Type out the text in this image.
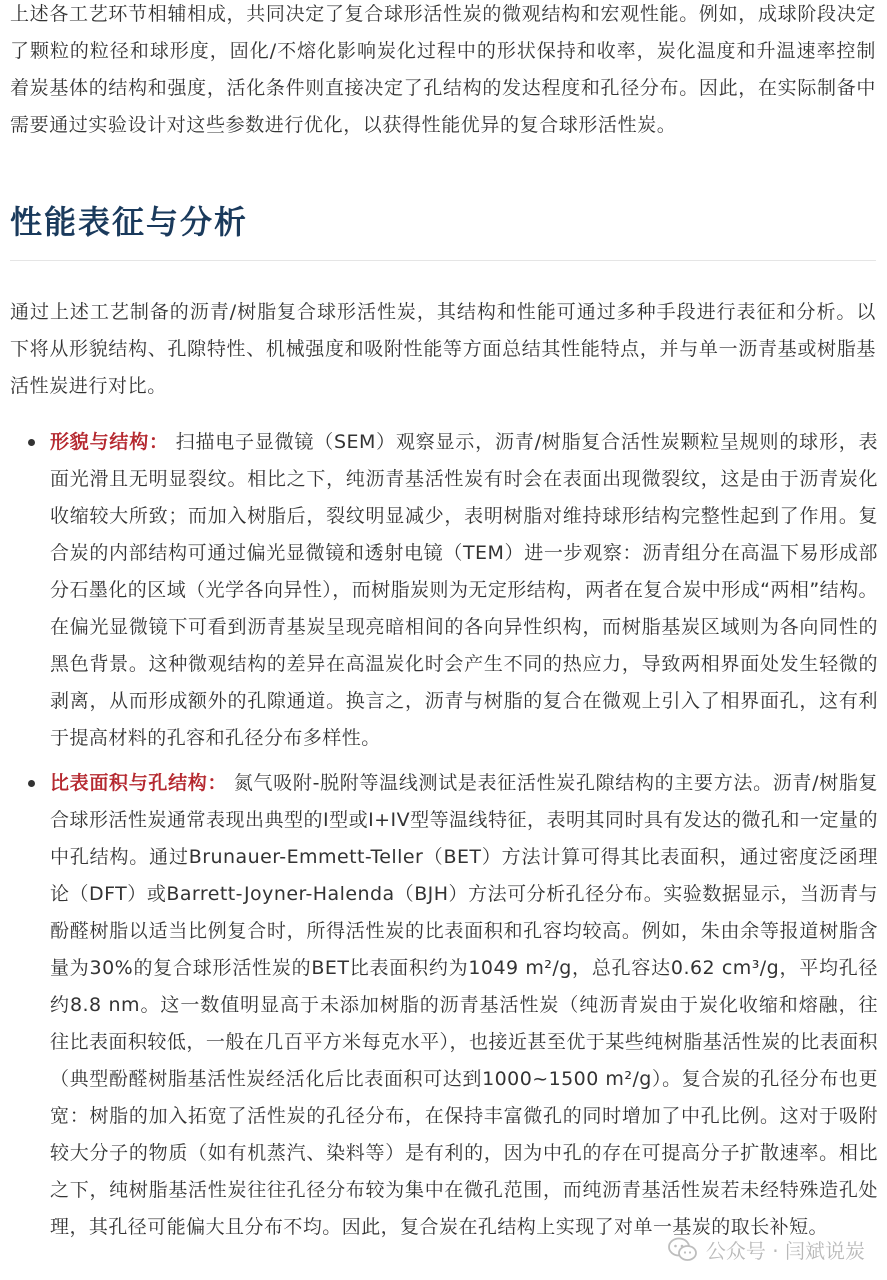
上述各工艺环节相辅相成，共同决定了复合球形活性炭的微观结构和宏观性能。例如，成球阶段决定了颗粒的粒径和球形度，固化/不熔化影响炭化过程中的形状保持和收率，炭化温度和升温速率控制着炭基体的结构和强度，活化条件则直接决定了孔结构的发达程度和孔径分布。因此，在实际制备中需要通过实验设计对这些参数进行优化，以获得性能优异的复合球形活性炭。

性能表征与分析

通过上述工艺制备的沥青/树脂复合球形活性炭，其结构和性能可通过多种手段进行表征和分析。以下将从形貌结构、孔隙特性、机械强度和吸附性能等方面总结其性能特点，并与单一沥青基或树脂基活性炭进行对比。

形貌与结构： 扫描电子显微镜（SEM）观察显示，沥青/树脂复合活性炭颗粒呈规则的球形，表面光滑且无明显裂纹。相比之下，纯沥青基活性炭有时会在表面出现微裂纹，这是由于沥青炭化收缩较大所致；而加入树脂后，裂纹明显减少，表明树脂对维持球形结构完整性起到了作用。复合炭的内部结构可通过偏光显微镜和透射电镜（TEM）进一步观察：沥青组分在高温下易形成部分石墨化的区域（光学各向异性），而树脂炭则为无定形结构，两者在复合炭中形成“两相”结构。在偏光显微镜下可看到沥青基炭呈现亮暗相间的各向异性织构，而树脂基炭区域则为各向同性的黑色背景。这种微观结构的差异在高温炭化时会产生不同的热应力，导致两相界面处发生轻微的剥离，从而形成额外的孔隙通道。换言之，沥青与树脂的复合在微观上引入了相界面孔，这有利于提高材料的孔容和孔径分布多样性。
比表面积与孔结构： 氮气吸附-脱附等温线测试是表征活性炭孔隙结构的主要方法。沥青/树脂复合球形活性炭通常表现出典型的I型或I+IV型等温线特征，表明其同时具有发达的微孔和一定量的中孔结构。通过Brunauer-Emmett-Teller（BET）方法计算可得其比表面积，通过密度泛函理论（DFT）或Barrett-Joyner-Halenda（BJH）方法可分析孔径分布。实验数据显示，当沥青与酚醛树脂以适当比例复合时，所得活性炭的比表面积和孔容均较高。例如，朱由余等报道树脂含量为30%的复合球形活性炭的BET比表面积约为1049 m²/g，总孔容达0.62 cm³/g，平均孔径约8.8 nm。这一数值明显高于未添加树脂的沥青基活性炭（纯沥青炭由于炭化收缩和熔融，往往比表面积较低，一般在几百平方米每克水平），也接近甚至优于某些纯树脂基活性炭的比表面积（典型酚醛树脂基活性炭经活化后比表面积可达到1000~1500 m²/g）。复合炭的孔径分布也更宽：树脂的加入拓宽了活性炭的孔径分布，在保持丰富微孔的同时增加了中孔比例。这对于吸附较大分子的物质（如有机蒸汽、染料等）是有利的，因为中孔的存在可提高分子扩散速率。相比之下，纯树脂基活性炭往往孔径分布较为集中在微孔范围，而纯沥青基活性炭若未经特殊造孔处理，其孔径可能偏大且分布不均。因此，复合炭在孔结构上实现了对单一基炭的取长补短。
公众号 · 闫斌说炭
